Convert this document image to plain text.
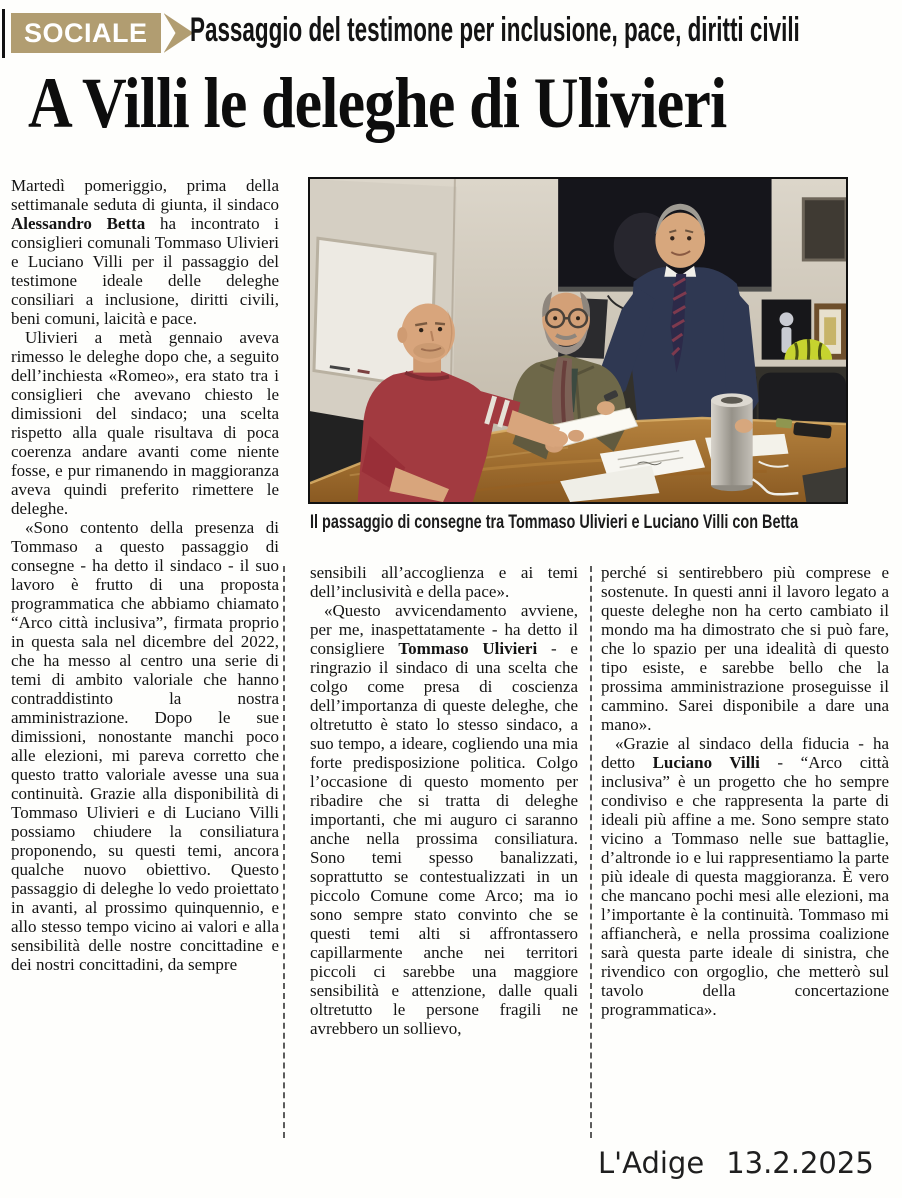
SOCIALE	Passaggio del testimone per inclusione, pace, diritti civili
A Villi le deleghe di Ulivieri

Martedì pomeriggio, prima della settimanale seduta di giunta, il sindaco Alessandro Betta ha incontrato i consiglieri comunali Tommaso Ulivieri e Luciano Villi per il passaggio del testimone ideale delle deleghe consiliari a inclusione, diritti civili, beni comuni, laicità e pace.

Ulivieri a metà gennaio aveva rimesso le deleghe dopo che, a seguito dell’inchiesta «Romeo», era stato tra i consiglieri che avevano chiesto le dimissioni del sindaco; una scelta rispetto alla quale risultava di poca coerenza andare avanti come niente fosse, e pur rimanendo in maggioranza aveva quindi preferito rimettere le deleghe.

«Sono contento della presenza di Tommaso a questo passaggio di consegne - ha detto il sindaco - il suo lavoro è frutto di una proposta programmatica che abbiamo chiamato “Arco città inclusiva”, firmata proprio in questa sala nel dicembre del 2022, che ha messo al centro una serie di temi di ambito valoriale che hanno contraddistinto la nostra amministrazione. Dopo le sue dimissioni, nonostante manchi poco alle elezioni, mi pareva corretto che questo tratto valoriale avesse una sua continuità. Grazie alla disponibilità di Tommaso Ulivieri e di Luciano Villi possiamo chiudere la consiliatura proponendo, su questi temi, ancora qualche nuovo obiettivo. Questo passaggio di deleghe lo vedo proiettato in avanti, al prossimo quinquennio, e allo stesso tempo vicino ai valori e alla sensibilità delle nostre concittadine e dei nostri concittadini, da sempre

Il passaggio di consegne tra Tommaso Ulivieri e Luciano Villi con Betta

sensibili all’accoglienza e ai temi dell’inclusività e della pace».

«Questo avvicendamento avviene, per me, inaspettatamente - ha detto il consigliere Tommaso Ulivieri - e ringrazio il sindaco di una scelta che colgo come presa di coscienza dell’importanza di queste deleghe, che oltretutto è stato lo stesso sindaco, a suo tempo, a ideare, cogliendo una mia forte predisposizione politica. Colgo l’occasione di questo momento per ribadire che si tratta di deleghe importanti, che mi auguro ci saranno anche nella prossima consiliatura. Sono temi spesso banalizzati, soprattutto se contestualizzati in un piccolo Comune come Arco; ma io sono sempre stato convinto che se questi temi alti si affrontassero capillarmente anche nei territori piccoli ci sarebbe una maggiore sensibilità e attenzione, dalle quali oltretutto le persone fragili ne avrebbero un sollievo,

perché si sentirebbero più comprese e sostenute. In questi anni il lavoro legato a queste deleghe non ha certo cambiato il mondo ma ha dimostrato che si può fare, che lo spazio per una idealità di questo tipo esiste, e sarebbe bello che la prossima amministrazione proseguisse il cammino. Sarei disponibile a dare una mano».

«Grazie al sindaco della fiducia - ha detto Luciano Villi - “Arco città inclusiva” è un progetto che ho sempre condiviso e che rappresenta la parte di ideali più affine a me. Sono sempre stato vicino a Tommaso nelle sue battaglie, d’altronde io e lui rappresentiamo la parte più ideale di questa maggioranza. È vero che mancano pochi mesi alle elezioni, ma l’importante è la continuità. Tommaso mi affiancherà, e nella prossima coalizione sarà questa parte ideale di sinistra, che rivendico con orgoglio, che metterò sul tavolo della concertazione programmatica».

L'Adige 13.2.2025
